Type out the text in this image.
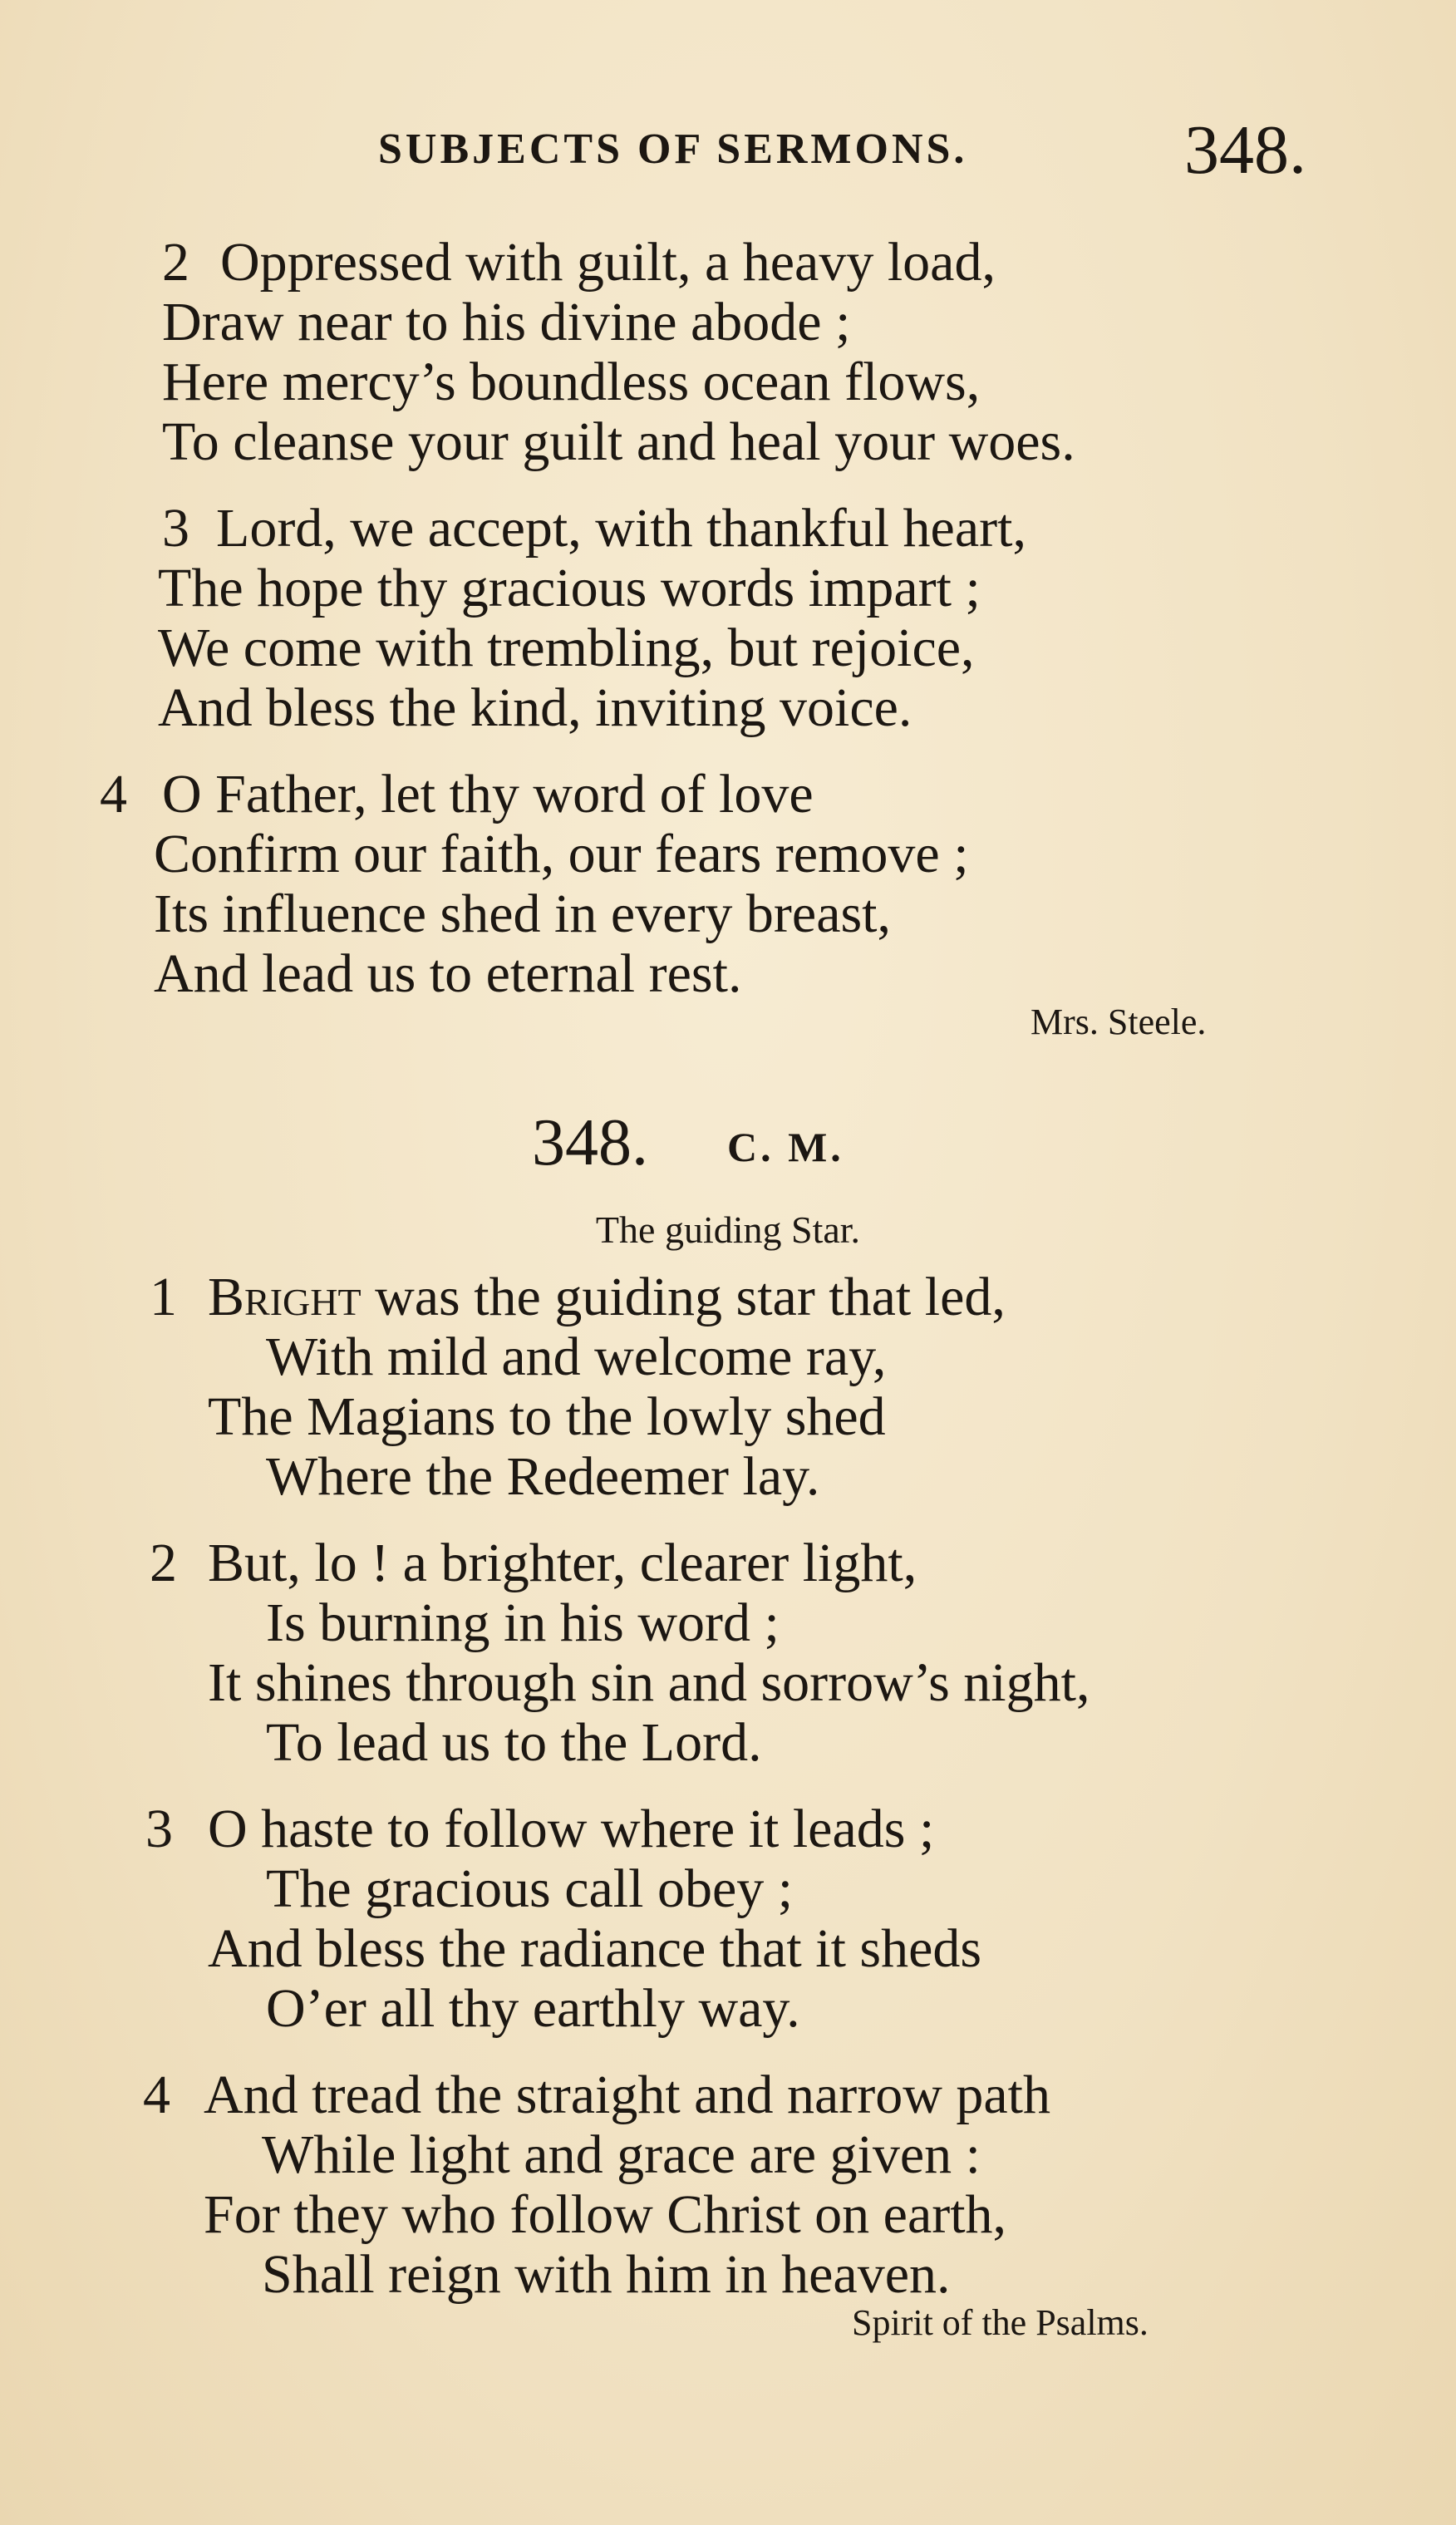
SUBJECTS OF SERMONS.	348.
2 Oppressed with guilt, a heavy load,
Draw near to his divine abode ;
Here mercy’s boundless ocean flows,
To cleanse your guilt and heal your woes.
3 Lord, we accept, with thankful heart,
The hope thy gracious words impart ;
We come with trembling, but rejoice,
And bless the kind, inviting voice.
4 O Father, let thy word of love
Confirm our faith, our fears remove ;
Its influence shed in every breast,
And lead us to eternal rest.
Mrs. Steele.
348. C. M.
The guiding Star.
1 Bright was the guiding star that led,
With mild and welcome ray,
The Magians to the lowly shed
Where the Redeemer lay.
2 But, lo ! a brighter, clearer light,
Is burning in his word ;
It shines through sin and sorrow’s night,
To lead us to the Lord.
3 O haste to follow where it leads ;
The gracious call obey ;
And bless the radiance that it sheds
O’er all thy earthly way.
4 And tread the straight and narrow path
While light and grace are given :
For they who follow Christ on earth,
Shall reign with him in heaven.
Spirit of the Psalms.
